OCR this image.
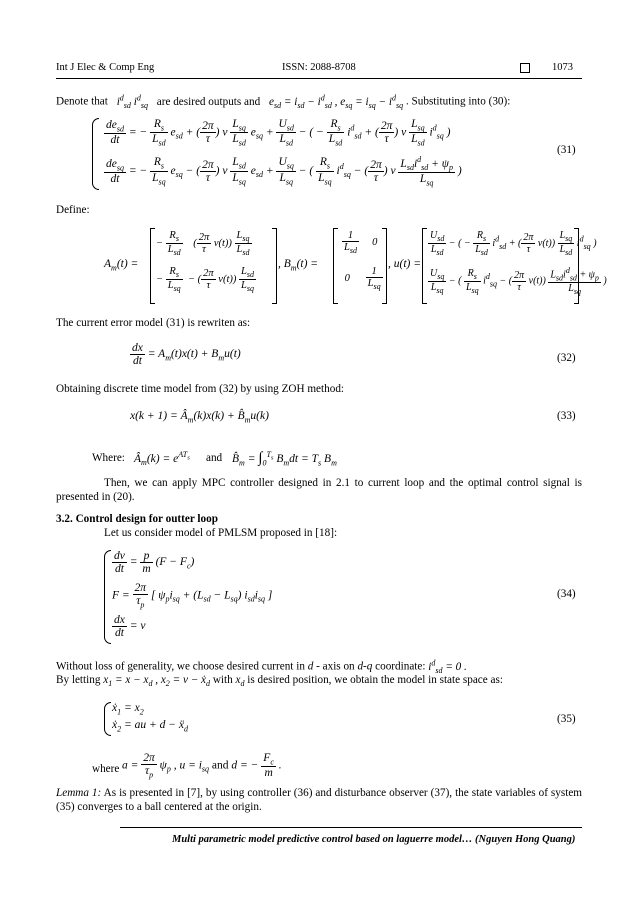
Int J Elec & Comp Eng	ISSN: 2088-8708	1073
Denote that $i^d_{sd}$ $i^d_{sq}$ are desired outputs and $e_{sd} = i_{sd} - i^d_{sd}$ , $e_{sq} = i_{sq} - i^d_{sq}$ . Substituting into (30):
$\frac{de_{sd}}{dt}$ = − $\frac{R_s}{L_{sd}} e_{sd}$ + ( $\frac{2\pi}{\tau}$ ) v $\frac{L_{sq}}{L_{sd}} e_{sq} + \frac{U_{sd}}{L_{sd}}$ − ( − $\frac{R_s}{L_{sd}} i^d_{sd}$ + ( $\frac{2\pi}{\tau}$ ) v $\frac{L_{sq}}{L_{sd}} i^d_{sq}$ )
$\frac{de_{sq}}{dt}$ = − $\frac{R_s}{L_{sq}} e_{sq}$ − ( $\frac{2\pi}{\tau}$ ) v $\frac{L_{sd}}{L_{sq}} e_{sd} + \frac{U_{sq}}{L_{sq}}$ − ( $\frac{R_s}{L_{sq}} i^d_{sq}$ − ( $\frac{2\pi}{\tau}$ ) v $\frac{L_{sd}i^d_{sd} + \psi_p}{L_{sq}}$ )
(31)
Define:
$A_m(t)$ =
− $\frac{R_s}{L_{sd}}$ ( $\frac{2\pi}{\tau} v(t)) \frac{L_{sq}}{L_{sd}}$
− $\frac{R_s}{L_{sq}}$ − ( $\frac{2\pi}{\tau} v(t)) \frac{L_{sd}}{L_{sq}}$
, $B_m(t)$ =
$\frac{1}{L_{sd}} 0$
$0 \frac{1}{L_{sq}}$
, u(t) =
$\frac{U_{sd}}{L_{sd}}$ − ( − $\frac{R_s}{L_{sd}} i^d_{sd}$ + ( $\frac{2\pi}{\tau} v(t)) \frac{L_{sq}}{L_{sd}} i^d_{sq}$ )
$\frac{U_{sq}}{L_{sq}}$ − ( $\frac{R_s}{L_{sq}} i^d_{sq}$ − ( $\frac{2\pi}{\tau} v(t)) \frac{L_{sd}i^d_{sd} + \psi_p}{L_{sq}}$ )
The current error model (31) is rewriten as:
$\frac{dx}{dt} = A_m(t)x(t) + B_mu(t)$	(32)
Obtaining discrete time model from (32) by using ZOH method:
$x(k + 1) = Â_m(k)x(k)$ + $B̂_mu(k)$	(33)
Where: $Â_m(k) = e^{AT_s}$ and $B̂_m = \int_0^{T_s}$ $B_mdt = T_s$ $B_m$
Then, we can apply MPC controller designed in 2.1 to current loop and the optimal control signal is presented in (20).
3.2. Control design for outter loop
Let us consider model of PMLSM proposed in [18]:
$\frac{dv}{dt} = \frac{p}{m} (F - F_c)$
$F = \frac{2\pi}{\tau_p}$ [ $\psi_pi_{sq} + (L_{sd} - L_{sq})$ $i_{sd}i_{sq}$ ]
$\frac{dx}{dt} = v$
(34)
Without loss of generality, we choose desired current in d - axis on d-q coordinate: $i^d_{sd} = 0$ .
By letting $x_1 = x - x_d$ , $x_2 = v$ − ẋ$_d$ with $x_d$ is desired position, we obtain the model in state space as:
ẋ$_1$ = $x_2$
ẋ$_2$ = au + d − ẍ$_d$
(35)
where $a = \frac{2\pi}{\tau_p} \psi_p$ , $u = i_{sq}$ and d = − $\frac{F_c}{m}$ .
Lemma 1: As is presented in [7], by using controller (36) and disturbance observer (37), the state variables of system (35) converges to a ball centered at the origin.
Multi parametric model predictive control based on laguerre model… (Nguyen Hong Quang)
